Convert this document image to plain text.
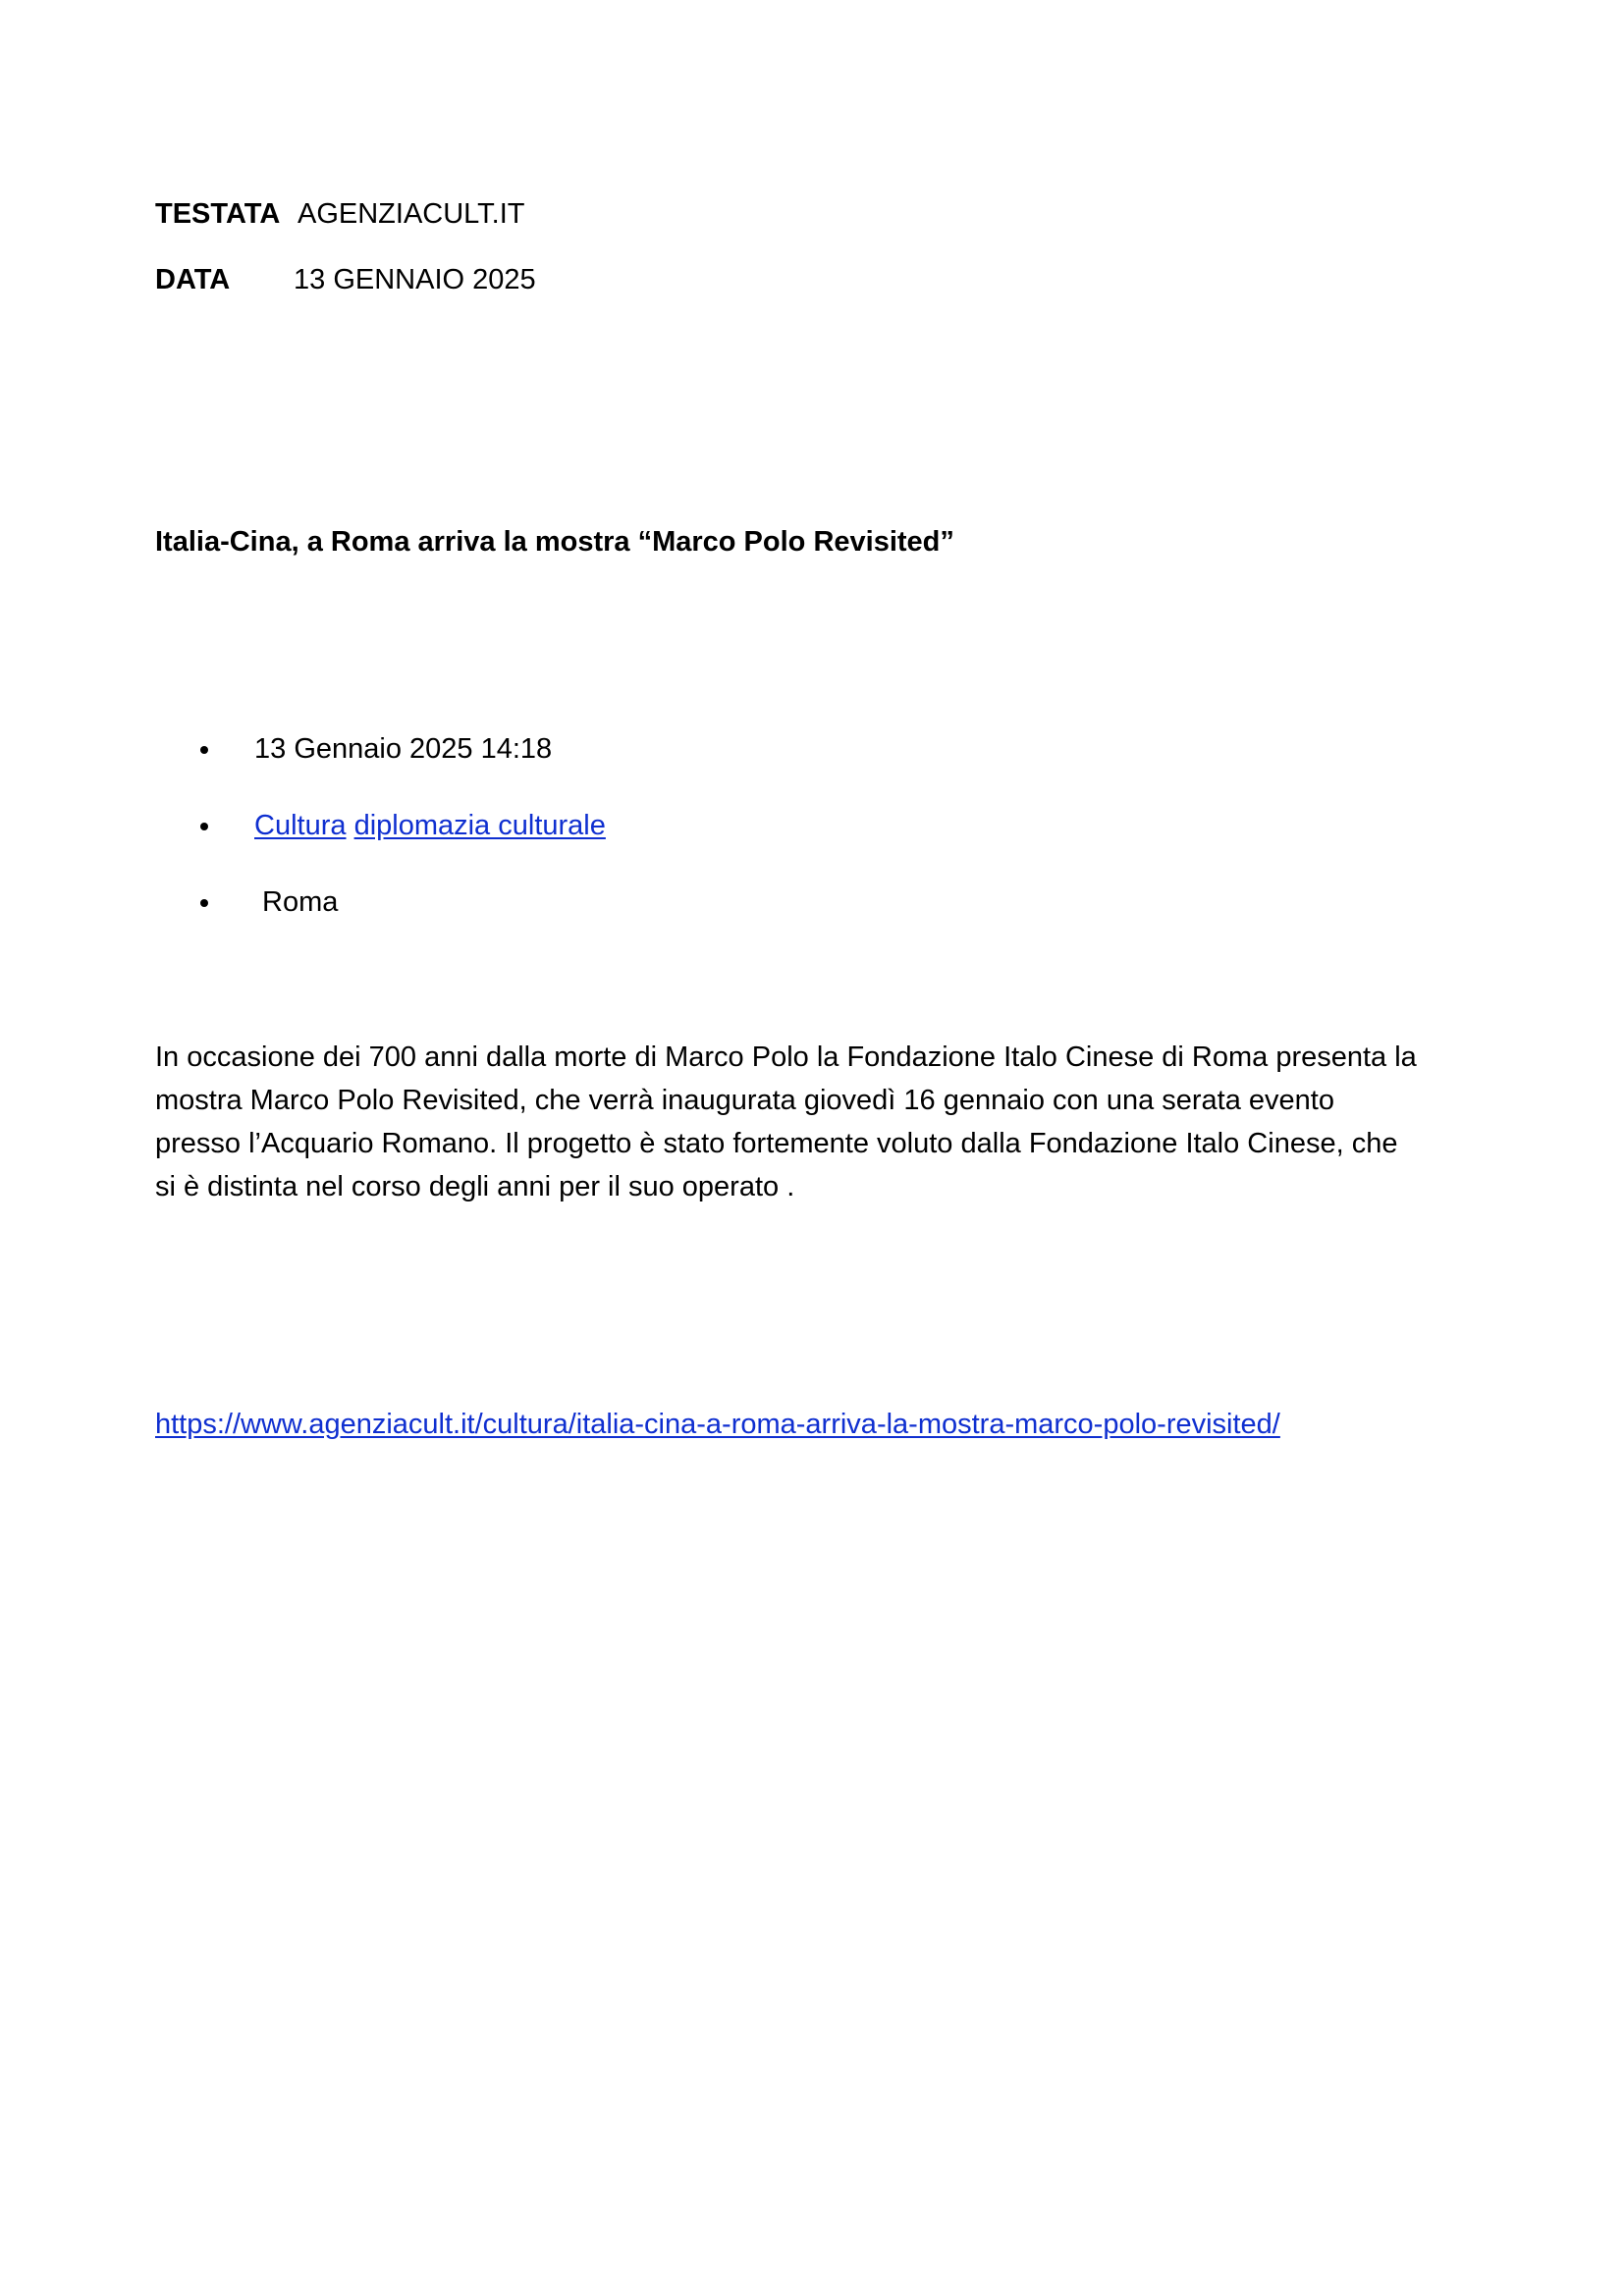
TESTATA AGENZIACULT.IT
DATA 13 GENNAIO 2025
Italia-Cina, a Roma arriva la mostra “Marco Polo Revisited”
13 Gennaio 2025 14:18
Cultura diplomazia culturale
Roma

In occasione dei 700 anni dalla morte di Marco Polo la Fondazione Italo Cinese di Roma presenta la

mostra Marco Polo Revisited, che verrà inaugurata giovedì 16 gennaio con una serata evento

presso l’Acquario Romano. Il progetto è stato fortemente voluto dalla Fondazione Italo Cinese, che

si è distinta nel corso degli anni per il suo operato .

https://www.agenziacult.it/cultura/italia-cina-a-roma-arriva-la-mostra-marco-polo-revisited/
